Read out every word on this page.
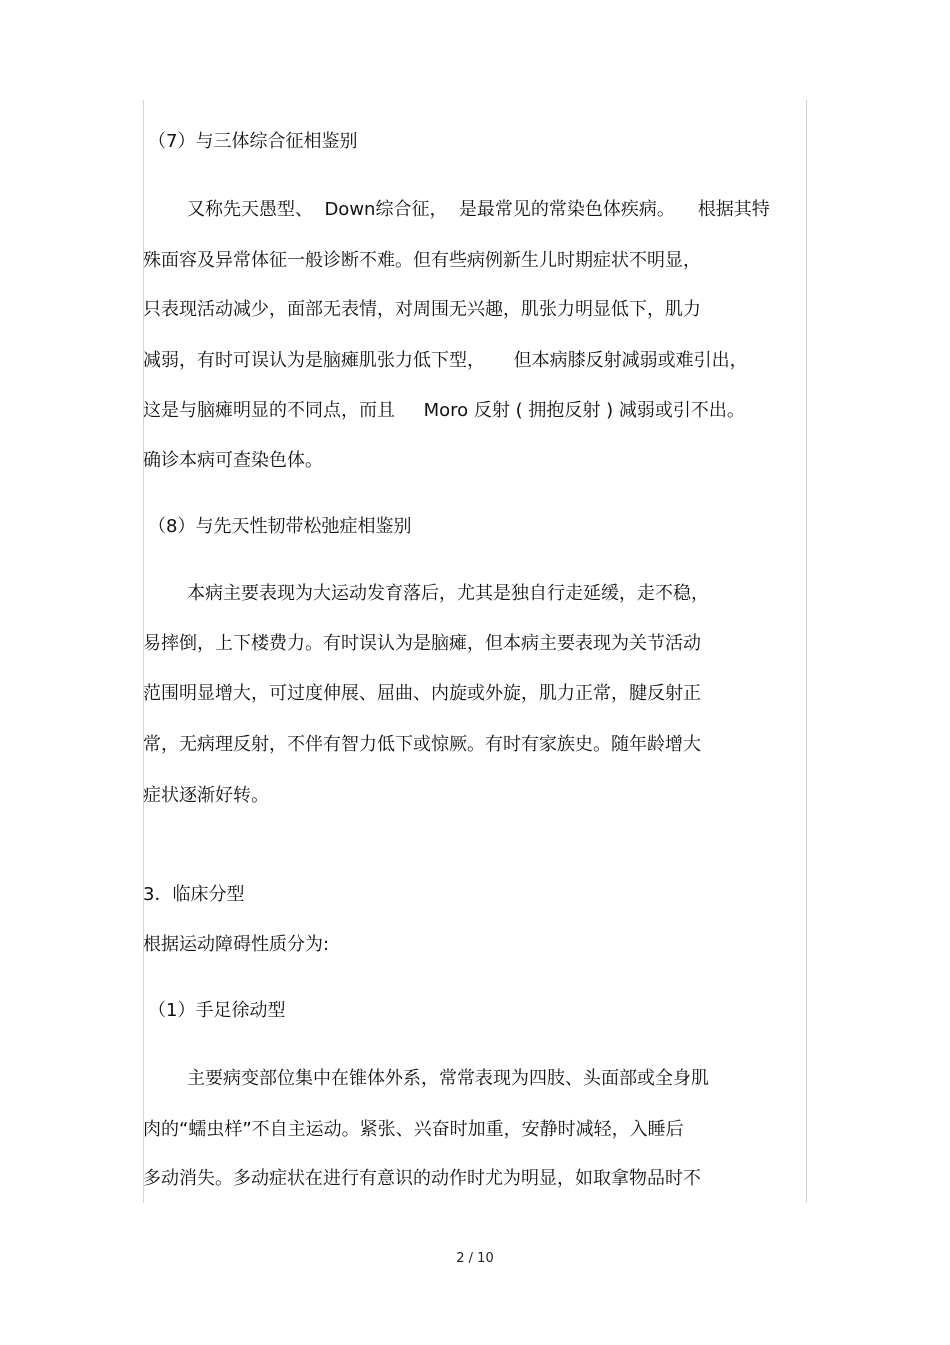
（7）与三体综合征相鉴别
又称先天愚型、  Down综合征，  是最常见的常染色体疾病。    根据其特
殊面容及异常体征一般诊断不难。但有些病例新生儿时期症状不明显，
只表现活动减少，面部无表情，对周围无兴趣，肌张力明显低下，肌力
减弱，有时可误认为是脑瘫肌张力低下型，     但本病膝反射减弱或难引出，
这是与脑瘫明显的不同点，而且     Moro 反射 ( 拥抱反射 ) 减弱或引不出。
确诊本病可查染色体。
（8）与先天性韧带松弛症相鉴别
本病主要表现为大运动发育落后，尤其是独自行走延缓，走不稳，
易摔倒，上下楼费力。有时误认为是脑瘫，但本病主要表现为关节活动
范围明显增大，可过度伸展、屈曲、内旋或外旋，肌力正常，腱反射正
常，无病理反射，不伴有智力低下或惊厥。有时有家族史。随年龄增大
症状逐渐好转。
3．临床分型
根据运动障碍性质分为:
（1）手足徐动型
主要病变部位集中在锥体外系，常常表现为四肢、头面部或全身肌
肉的“蠕虫样”不自主运动。紧张、兴奋时加重，安静时减轻，入睡后
多动消失。多动症状在进行有意识的动作时尤为明显，如取拿物品时不
2 / 10
